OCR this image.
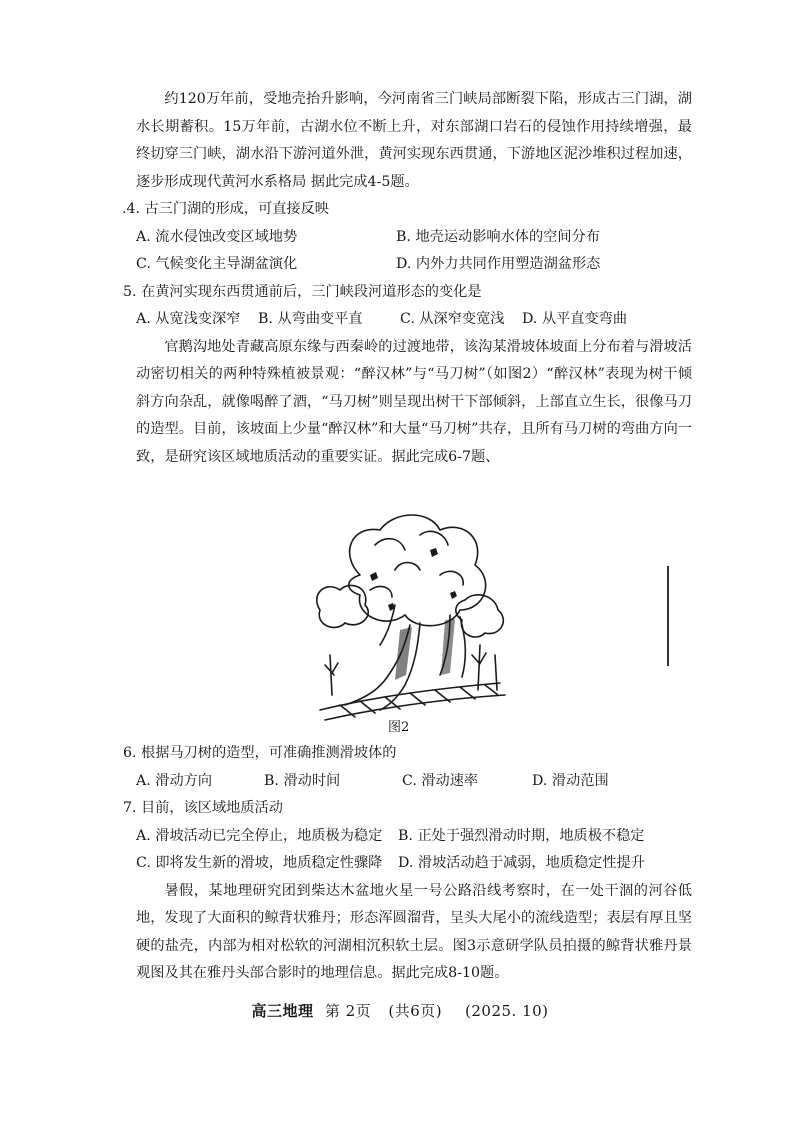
约120万年前，受地壳抬升影响，今河南省三门峡局部断裂下陷，形成古三门湖，湖水长期蓄积。15万年前，古湖水位不断上升，对东部湖口岩石的侵蚀作用持续增强，最终切穿三门峡，湖水沿下游河道外泄，黄河实现东西贯通，下游地区泥沙堆积过程加速，逐步形成现代黄河水系格局 据此完成4-5题。

.4. 古三门湖的形成，可直接反映

A. 流水侵蚀改变区域地势	B. 地壳运动影响水体的空间分布
C. 气候变化主导湖盆演化	D. 内外力共同作用塑造湖盆形态

5. 在黄河实现东西贯通前后，三门峡段河道形态的变化是

A. 从宽浅变深窄	B. 从弯曲变平直	C. 从深窄变宽浅	D. 从平直变弯曲

官鹅沟地处青藏高原东缘与西秦岭的过渡地带，该沟某滑坡体坡面上分布着与滑坡活动密切相关的两种特殊植被景观：“醉汉林”与“马刀树”（如图2）“醉汉林”表现为树干倾斜方向杂乱，就像喝醉了酒，“马刀树”则呈现出树干下部倾斜，上部直立生长，很像马刀的造型。目前，该坡面上少量“醉汉林”和大量“马刀树”共存，且所有马刀树的弯曲方向一致，是研究该区域地质活动的重要实证。据此完成6-7题、

图2

6. 根据马刀树的造型，可准确推测滑坡体的

A. 滑动方向	B. 滑动时间	C. 滑动速率	D. 滑动范围

7. 目前，该区域地质活动

A. 滑坡活动已完全停止，地质极为稳定	B. 正处于强烈滑动时期，地质极不稳定
C. 即将发生新的滑坡，地质稳定性骤降	D. 滑坡活动趋于减弱，地质稳定性提升

暑假，某地理研究团到柴达木盆地火星一号公路沿线考察时，在一处干涸的河谷低地，发现了大面积的鲸背状雅丹；形态浑圆溜背，呈头大尾小的流线造型；表层有厚且坚硬的盐壳，内部为相对松软的河湖相沉积软土层。图3示意研学队员拍摄的鲸背状雅丹景观图及其在雅丹头部合影时的地理信息。据此完成8-10题。

高三地理 第 2页 (共6页) (2025. 10)
